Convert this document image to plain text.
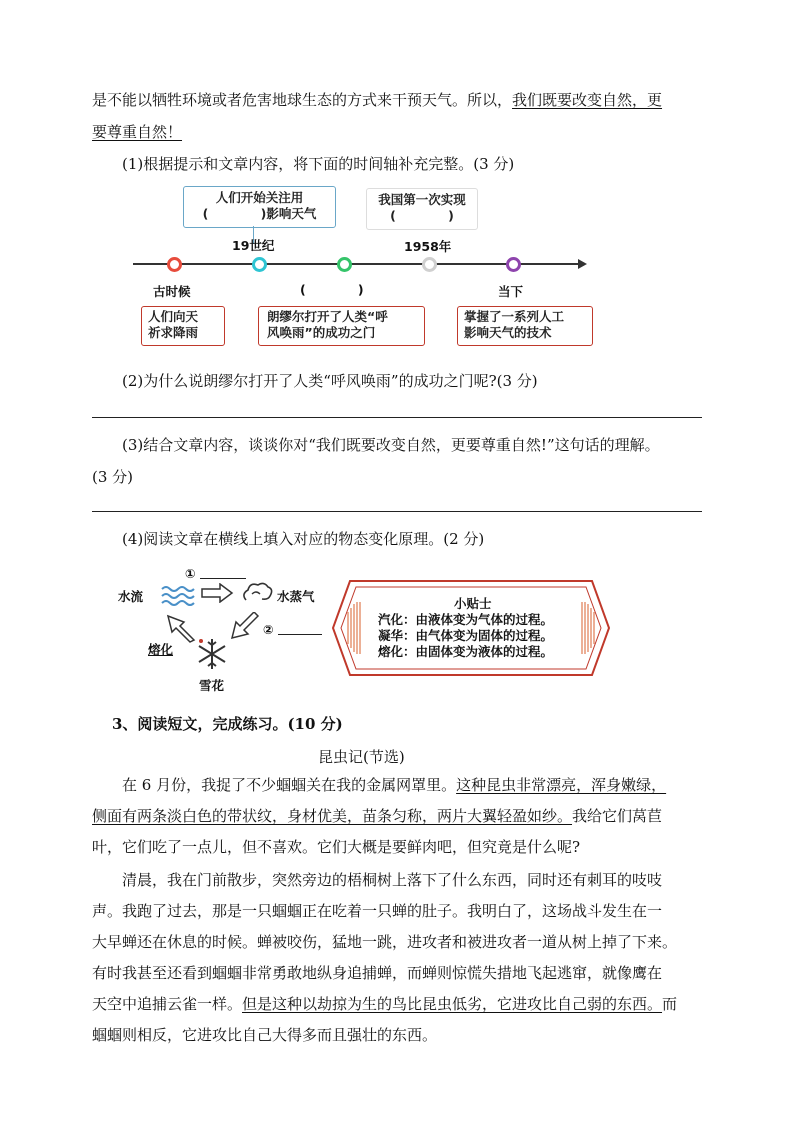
是不能以牺牲环境或者危害地球生态的方式来干预天气。所以，我们既要改变自然，更
要尊重自然！
(1)根据提示和文章内容，将下面的时间轴补充完整。(3 分)
人们开始关注用
(            )影响天气
我国第一次实现
(            )
19世纪	1958年
古时候	(            )	当下
人们向天
祈求降雨
朗缪尔打开了人类“呼
风唤雨”的成功之门
掌握了一系列人工
影响天气的技术
(2)为什么说朗缪尔打开了人类“呼风唤雨”的成功之门呢?(3 分)
(3)结合文章内容，谈谈你对“我们既要改变自然，更要尊重自然!”这句话的理解。
(3 分)
(4)阅读文章在横线上填入对应的物态变化原理。(2 分)
水流
①
水蒸气
②
熔化
雪花
小贴士
汽化：由液体变为气体的过程。
凝华：由气体变为固体的过程。
熔化：由固体变为液体的过程。
3、阅读短文，完成练习。(10 分)
昆虫记(节选)
在 6 月份，我捉了不少蝈蝈关在我的金属网罩里。这种昆虫非常漂亮，浑身嫩绿，
侧面有两条淡白色的带状纹，身材优美，苗条匀称，两片大翼轻盈如纱。我给它们莴苣
叶，它们吃了一点儿，但不喜欢。它们大概是要鲜肉吧，但究竟是什么呢?
清晨，我在门前散步，突然旁边的梧桐树上落下了什么东西，同时还有刺耳的吱吱
声。我跑了过去，那是一只蝈蝈正在吃着一只蝉的肚子。我明白了，这场战斗发生在一
大早蝉还在休息的时候。蝉被咬伤，猛地一跳，进攻者和被进攻者一道从树上掉了下来。
有时我甚至还看到蝈蝈非常勇敢地纵身追捕蝉，而蝉则惊慌失措地飞起逃窜，就像鹰在
天空中追捕云雀一样。但是这种以劫掠为生的鸟比昆虫低劣，它进攻比自己弱的东西。而
蝈蝈则相反，它进攻比自己大得多而且强壮的东西。
